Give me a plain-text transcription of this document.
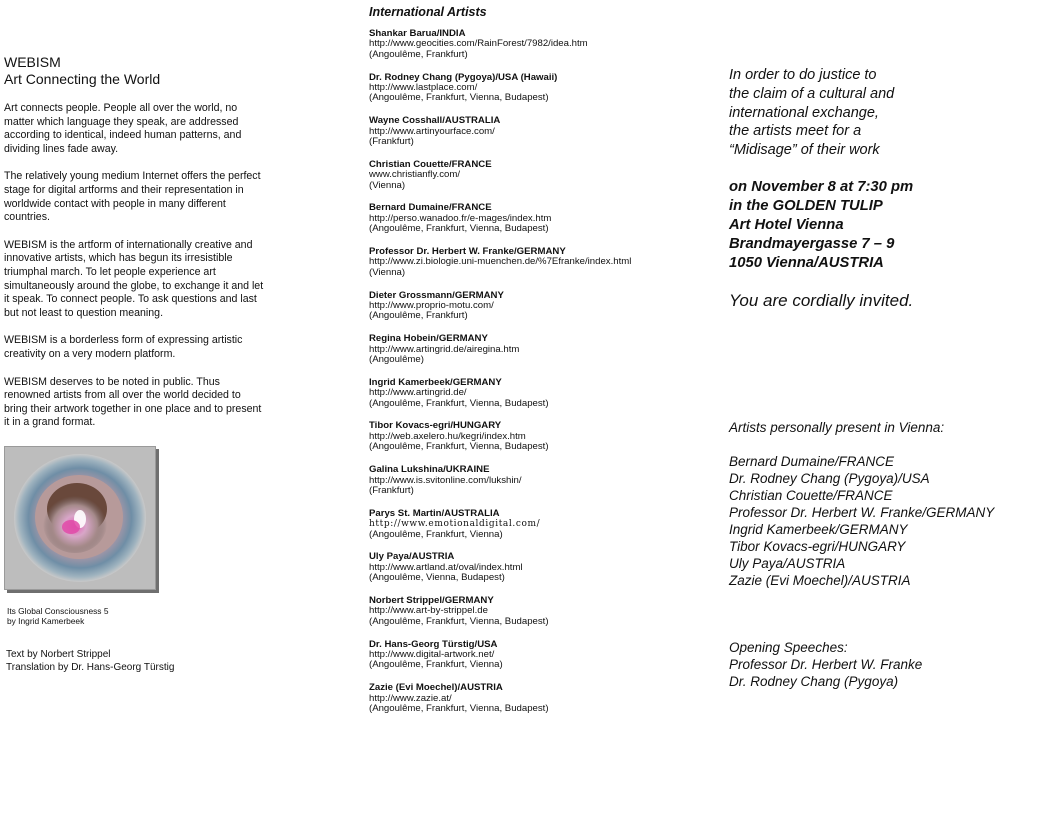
WEBISM
Art Connecting the World

Art connects people. People all over the world, no matter which language they speak, are addressed according to identical, indeed human patterns, and dividing lines fade away.

The relatively young medium Internet offers the perfect stage for digital artforms and their representation in worldwide contact with people in many different countries.

WEBISM is the artform of internationally creative and innovative artists, which has begun its irresistible triumphal march. To let people experience art simultaneously around the globe, to exchange it and let it speak. To connect people. To ask questions and last but not least to question meaning.

WEBISM is a borderless form of expressing artistic creativity on a very modern platform.

WEBISM deserves to be noted in public. Thus renowned artists from all over the world decided to bring their artwork together in one place and to present it in a grand format.

Its Global Consciousness 5
by Ingrid Kamerbeek
Text by Norbert Strippel
Translation by Dr. Hans-Georg Türstig
International Artists
Shankar Barua/INDIA
http://www.geocities.com/RainForest/7982/idea.htm
(Angoulême, Frankfurt)
Dr. Rodney Chang (Pygoya)/USA (Hawaii)
http://www.lastplace.com/
(Angoulême, Frankfurt, Vienna, Budapest)
Wayne Cosshall/AUSTRALIA
http://www.artinyourface.com/
(Frankfurt)
Christian Couette/FRANCE
www.christianfly.com/
(Vienna)
Bernard Dumaine/FRANCE
http://perso.wanadoo.fr/e-mages/index.htm
(Angoulême, Frankfurt, Vienna, Budapest)
Professor Dr. Herbert W. Franke/GERMANY
http://www.zi.biologie.uni-muenchen.de/%7Efranke/index.html
(Vienna)
Dieter Grossmann/GERMANY
http://www.proprio-motu.com/
(Angoulême, Frankfurt)
Regina Hobein/GERMANY
http://www.artingrid.de/airegina.htm
(Angoulême)
Ingrid Kamerbeek/GERMANY
http://www.artingrid.de/
(Angoulême, Frankfurt, Vienna, Budapest)
Tibor Kovacs-egri/HUNGARY
http://web.axelero.hu/kegri/index.htm
(Angoulême, Frankfurt, Vienna, Budapest)
Galina Lukshina/UKRAINE
http://www.is.svitonline.com/lukshin/
(Frankfurt)
Parys St. Martin/AUSTRALIA
http://www.emotionaldigital.com/
(Angoulême, Frankfurt, Vienna)
Uly Paya/AUSTRIA
http://www.artland.at/oval/index.html
(Angoulême, Vienna, Budapest)
Norbert Strippel/GERMANY
http://www.art-by-strippel.de
(Angoulême, Frankfurt, Vienna, Budapest)
Dr. Hans-Georg Türstig/USA
http://www.digital-artwork.net/
(Angoulême, Frankfurt, Vienna)
Zazie (Evi Moechel)/AUSTRIA
http://www.zazie.at/
(Angoulême, Frankfurt, Vienna, Budapest)
In order to do justice to
the claim of a cultural and
international exchange,
the artists meet for a
“Midisage” of their work
on November 8 at 7:30 pm
in the GOLDEN TULIP
Art Hotel Vienna
Brandmayergasse 7 – 9
1050 Vienna/AUSTRIA
You are cordially invited.
Artists personally present in Vienna:
Bernard Dumaine/FRANCE
Dr. Rodney Chang (Pygoya)/USA
Christian Couette/FRANCE
Professor Dr. Herbert W. Franke/GERMANY
Ingrid Kamerbeek/GERMANY
Tibor Kovacs-egri/HUNGARY
Uly Paya/AUSTRIA
Zazie (Evi Moechel)/AUSTRIA
Opening Speeches:
Professor Dr. Herbert W. Franke
Dr. Rodney Chang (Pygoya)
